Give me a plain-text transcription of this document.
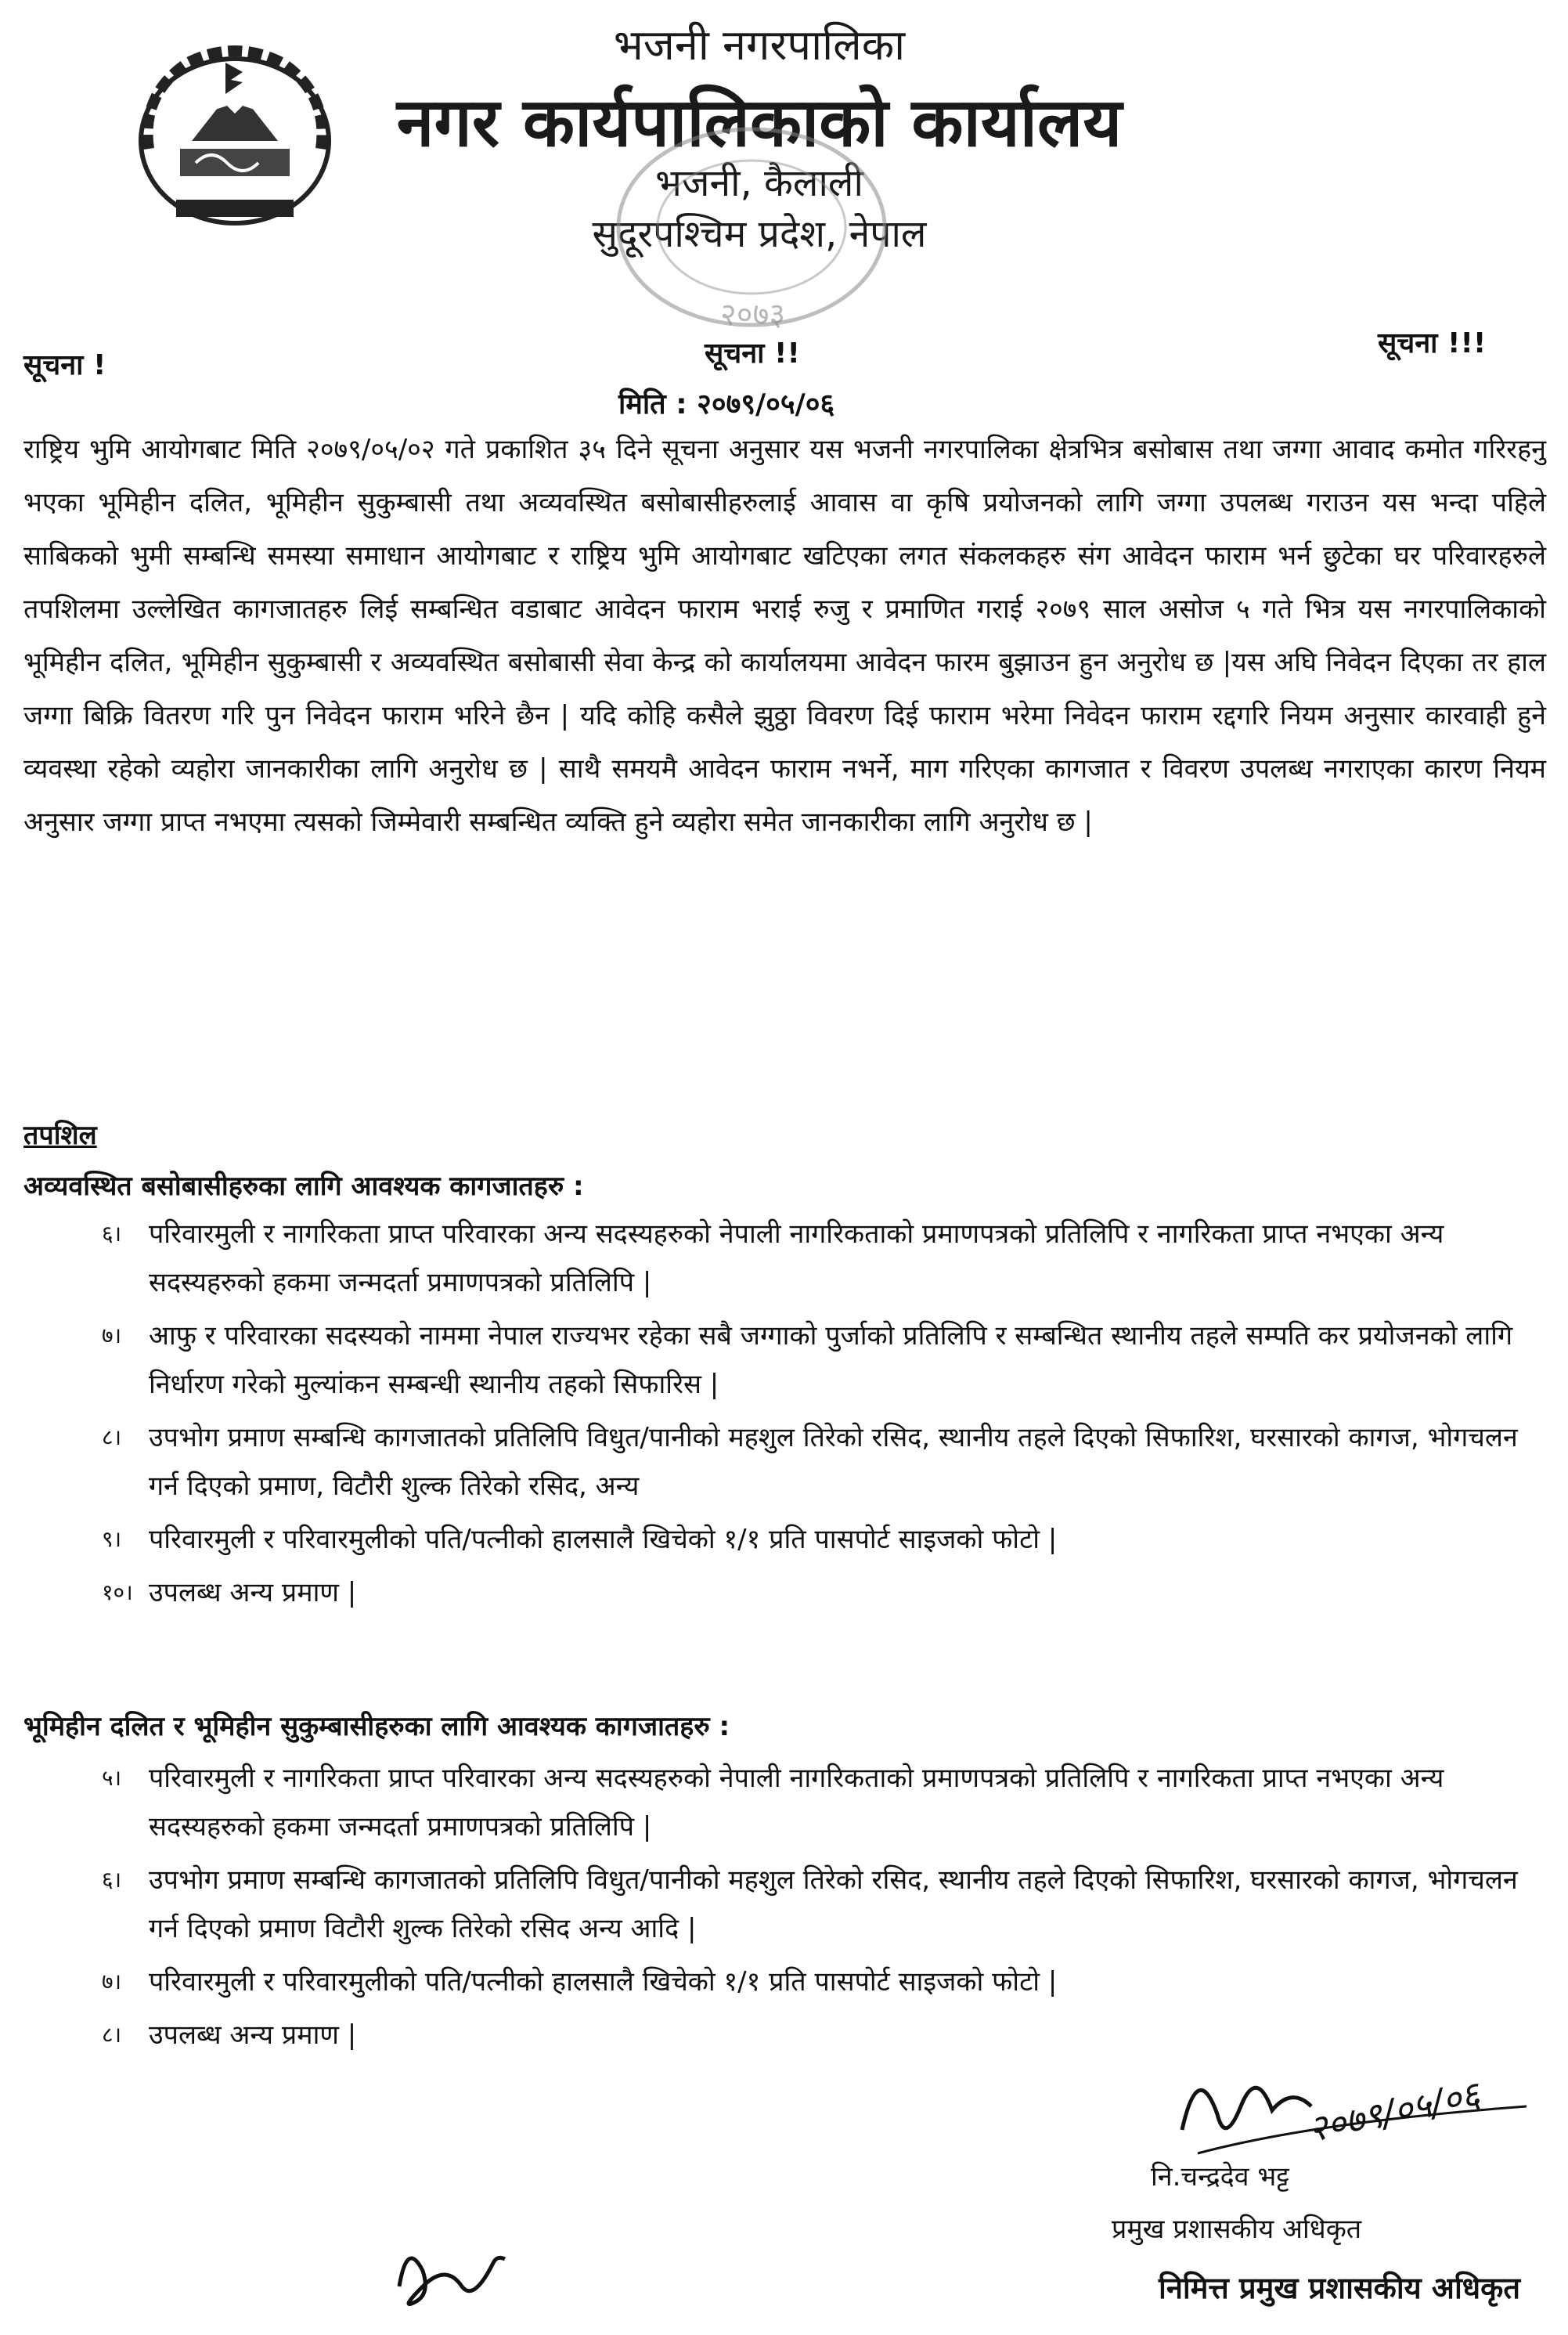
भजनी नगरपालिका
नगर कार्यपालिकाको कार्यालय
भजनी, कैलाली
सुदूरपश्चिम प्रदेश, नेपाल
२०७३
सूचना !	सूचना !!	सूचना !!!
मिति : २०७९/०५/०६
राष्ट्रिय भुमि आयोगबाट मिति २०७९/०५/०२ गते प्रकाशित ३५ दिने सूचना अनुसार यस भजनी नगरपालिका क्षेत्रभित्र बसोबास तथा जग्गा आवाद कमोत गरिरहनु भएका भूमिहीन दलित, भूमिहीन सुकुम्बासी तथा अव्यवस्थित बसोबासीहरुलाई आवास वा कृषि प्रयोजनको लागि जग्गा उपलब्ध गराउन यस भन्दा पहिले साबिकको भुमी सम्बन्धि समस्या समाधान आयोगबाट र राष्ट्रिय भुमि आयोगबाट खटिएका लगत संकलकहरु संग आवेदन फाराम भर्न छुटेका घर परिवारहरुले तपशिलमा उल्लेखित कागजातहरु लिई सम्बन्धित वडाबाट आवेदन फाराम भराई रुजु र प्रमाणित गराई २०७९ साल असोज ५ गते भित्र यस नगरपालिकाको भूमिहीन दलित, भूमिहीन सुकुम्बासी र अव्यवस्थित बसोबासी सेवा केन्द्र को कार्यालयमा आवेदन फारम बुझाउन हुन अनुरोध छ |यस अघि निवेदन दिएका तर हाल जग्गा बिक्रि वितरण गरि पुन निवेदन फाराम भरिने छैन | यदि कोहि कसैले झुठ्ठा विवरण दिई फाराम भरेमा निवेदन फाराम रद्दगरि नियम अनुसार कारवाही हुने व्यवस्था रहेको व्यहोरा जानकारीका लागि अनुरोध छ | साथै समयमै आवेदन फाराम नभर्ने, माग गरिएका कागजात र विवरण उपलब्ध नगराएका कारण नियम अनुसार जग्गा प्राप्त नभएमा त्यसको जिम्मेवारी सम्बन्धित व्यक्ति हुने व्यहोरा समेत जानकारीका लागि अनुरोध छ |
तपशिल
अव्यवस्थित बसोबासीहरुका लागि आवश्यक कागजातहरु :
६। परिवारमुली र नागरिकता प्राप्त परिवारका अन्य सदस्यहरुको नेपाली नागरिकताको प्रमाणपत्रको प्रतिलिपि र नागरिकता प्राप्त नभएका अन्य सदस्यहरुको हकमा जन्मदर्ता प्रमाणपत्रको प्रतिलिपि |
७। आफु र परिवारका सदस्यको नाममा नेपाल राज्यभर रहेका सबै जग्गाको पुर्जाको प्रतिलिपि र सम्बन्धित स्थानीय तहले सम्पति कर प्रयोजनको लागि निर्धारण गरेको मुल्यांकन सम्बन्धी स्थानीय तहको सिफारिस |
८। उपभोग प्रमाण सम्बन्धि कागजातको प्रतिलिपि विधुत/पानीको महशुल तिरेको रसिद, स्थानीय तहले दिएको सिफारिश, घरसारको कागज, भोगचलन गर्न दिएको प्रमाण, विटौरी शुल्क तिरेको रसिद, अन्य
९। परिवारमुली र परिवारमुलीको पति/पत्नीको हालसालै खिचेको १/१ प्रति पासपोर्ट साइजको फोटो |
१०। उपलब्ध अन्य प्रमाण |
भूमिहीन दलित र भूमिहीन सुकुम्बासीहरुका लागि आवश्यक कागजातहरु :
५। परिवारमुली र नागरिकता प्राप्त परिवारका अन्य सदस्यहरुको नेपाली नागरिकताको प्रमाणपत्रको प्रतिलिपि र नागरिकता प्राप्त नभएका अन्य सदस्यहरुको हकमा जन्मदर्ता प्रमाणपत्रको प्रतिलिपि |
६। उपभोग प्रमाण सम्बन्धि कागजातको प्रतिलिपि विधुत/पानीको महशुल तिरेको रसिद, स्थानीय तहले दिएको सिफारिश, घरसारको कागज, भोगचलन गर्न दिएको प्रमाण विटौरी शुल्क तिरेको रसिद अन्य आदि |
७। परिवारमुली र परिवारमुलीको पति/पत्नीको हालसालै खिचेको १/१ प्रति पासपोर्ट साइजको फोटो |
८। उपलब्ध अन्य प्रमाण |
२०७९/०५/०६
नि.चन्द्रदेव भट्ट
प्रमुख प्रशासकीय अधिकृत
निमित्त प्रमुख प्रशासकीय अधिकृत
